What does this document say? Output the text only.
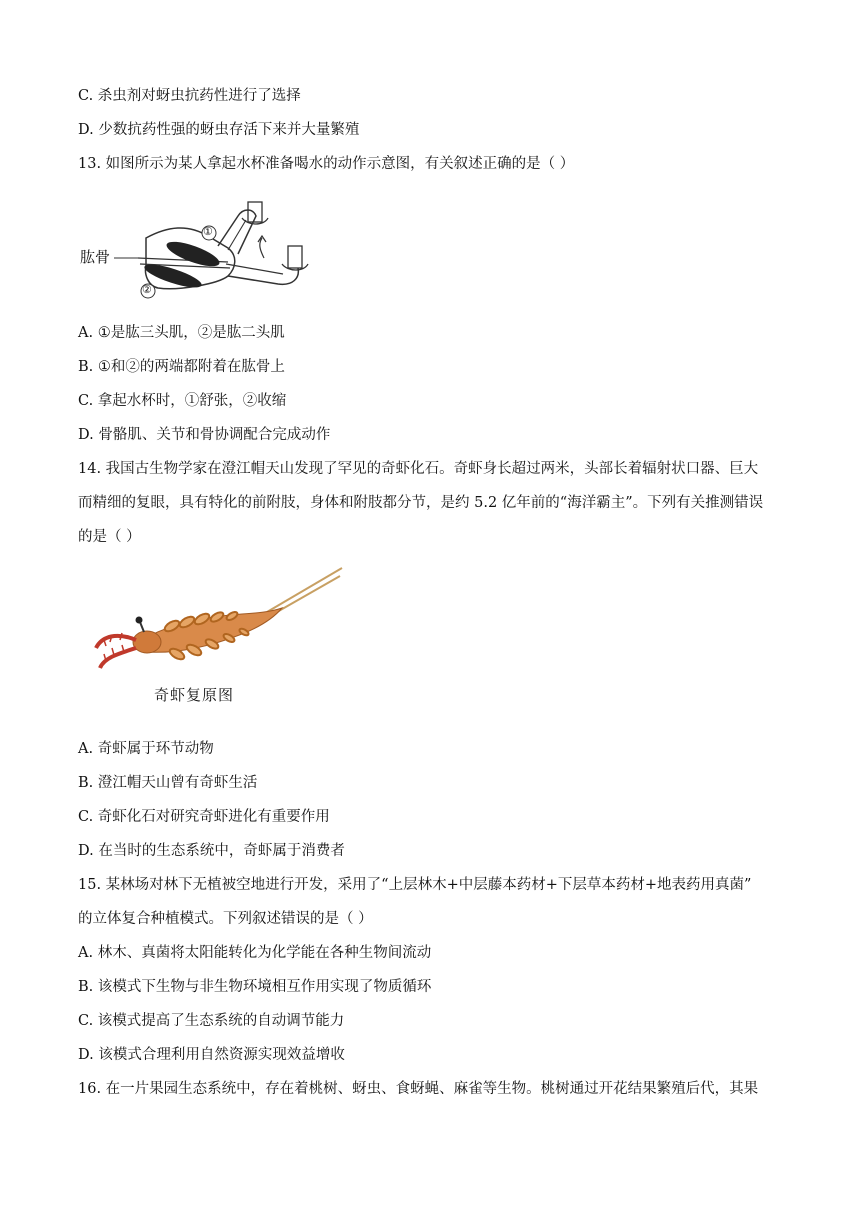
C. 杀虫剂对蚜虫抗药性进行了选择
D. 少数抗药性强的蚜虫存活下来并大量繁殖
13. 如图所示为某人拿起水杯准备喝水的动作示意图，有关叙述正确的是（ ）
肱骨
①
②
A. ①是肱三头肌，②是肱二头肌
B. ①和②的两端都附着在肱骨上
C. 拿起水杯时，①舒张，②收缩
D. 骨骼肌、关节和骨协调配合完成动作
14. 我国古生物学家在澄江帽天山发现了罕见的奇虾化石。奇虾身长超过两米，头部长着辐射状口器、巨大
而精细的复眼，具有特化的前附肢，身体和附肢都分节，是约 5.2 亿年前的“海洋霸主”。下列有关推测错误
的是（ ）
奇虾复原图
A. 奇虾属于环节动物
B. 澄江帽天山曾有奇虾生活
C. 奇虾化石对研究奇虾进化有重要作用
D. 在当时的生态系统中，奇虾属于消费者
15. 某林场对林下无植被空地进行开发，采用了“上层林木+中层藤本药材+下层草本药材+地表药用真菌”
的立体复合种植模式。下列叙述错误的是（ ）
A. 林木、真菌将太阳能转化为化学能在各种生物间流动
B. 该模式下生物与非生物环境相互作用实现了物质循环
C. 该模式提高了生态系统的自动调节能力
D. 该模式合理利用自然资源实现效益增收
16. 在一片果园生态系统中，存在着桃树、蚜虫、食蚜蝇、麻雀等生物。桃树通过开花结果繁殖后代，其果
